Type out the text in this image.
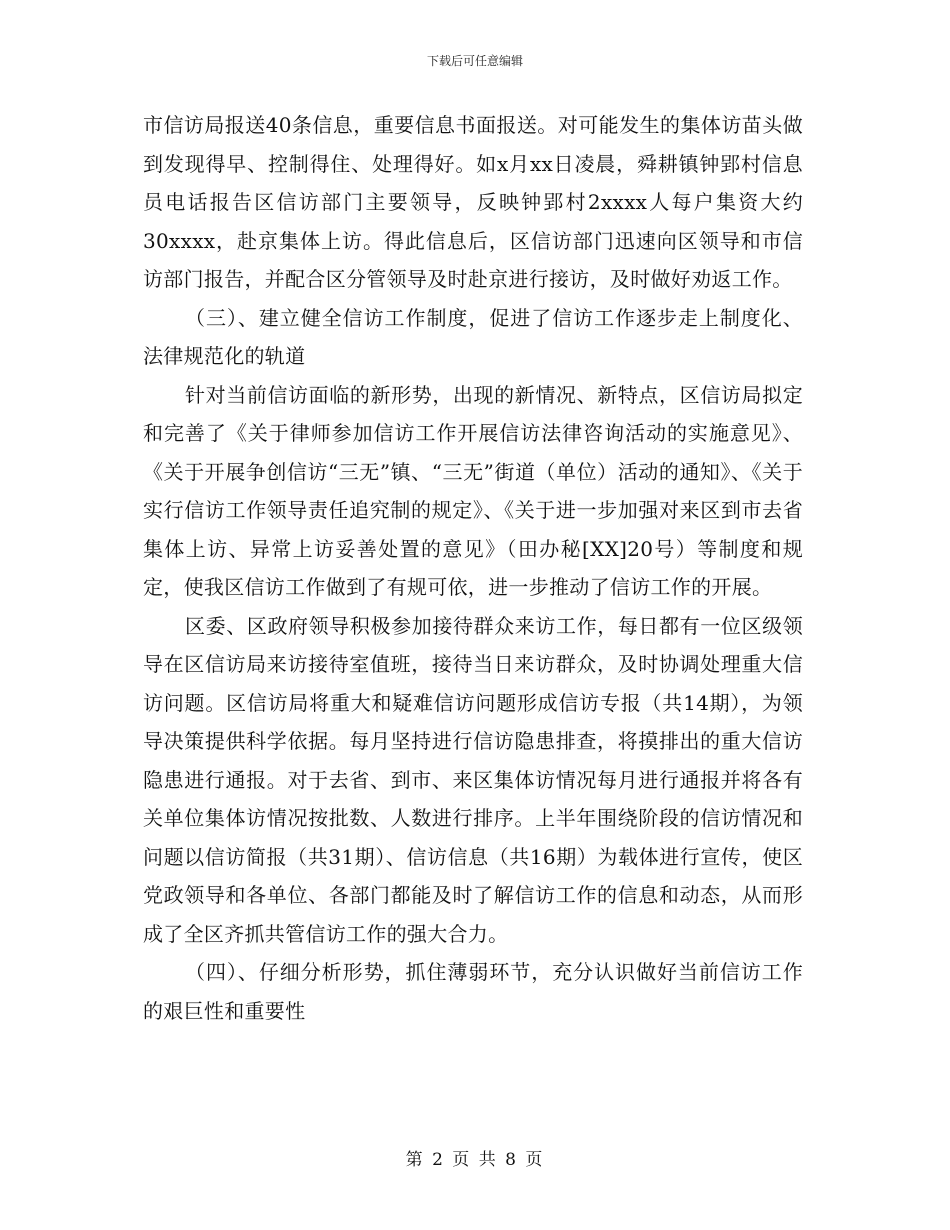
下载后可任意编辑

市信访局报送40条信息，重要信息书面报送。对可能发生的集体访苗头做到发现得早、控制得住、处理得好。如x月xx日凌晨，舜耕镇钟郢村信息员电话报告区信访部门主要领导，反映钟郢村2xxxx人每户集资大约30xxxx，赴京集体上访。得此信息后，区信访部门迅速向区领导和市信访部门报告，并配合区分管领导及时赴京进行接访，及时做好劝返工作。

（三）、建立健全信访工作制度，促进了信访工作逐步走上制度化、法律规范化的轨道

针对当前信访面临的新形势，出现的新情况、新特点，区信访局拟定和完善了《关于律师参加信访工作开展信访法律咨询活动的实施意见》、《关于开展争创信访“三无”镇、“三无”街道（单位）活动的通知》、《关于实行信访工作领导责任追究制的规定》、《关于进一步加强对来区到市去省集体上访、异常上访妥善处置的意见》（田办秘[XX]20号）等制度和规定，使我区信访工作做到了有规可依，进一步推动了信访工作的开展。

区委、区政府领导积极参加接待群众来访工作，每日都有一位区级领导在区信访局来访接待室值班，接待当日来访群众，及时协调处理重大信访问题。区信访局将重大和疑难信访问题形成信访专报（共14期），为领导决策提供科学依据。每月坚持进行信访隐患排查，将摸排出的重大信访隐患进行通报。对于去省、到市、来区集体访情况每月进行通报并将各有关单位集体访情况按批数、人数进行排序。上半年围绕阶段的信访情况和问题以信访简报（共31期）、信访信息（共16期）为载体进行宣传，使区党政领导和各单位、各部门都能及时了解信访工作的信息和动态，从而形成了全区齐抓共管信访工作的强大合力。

（四）、仔细分析形势，抓住薄弱环节，充分认识做好当前信访工作的艰巨性和重要性

第 2 页 共 8 页
